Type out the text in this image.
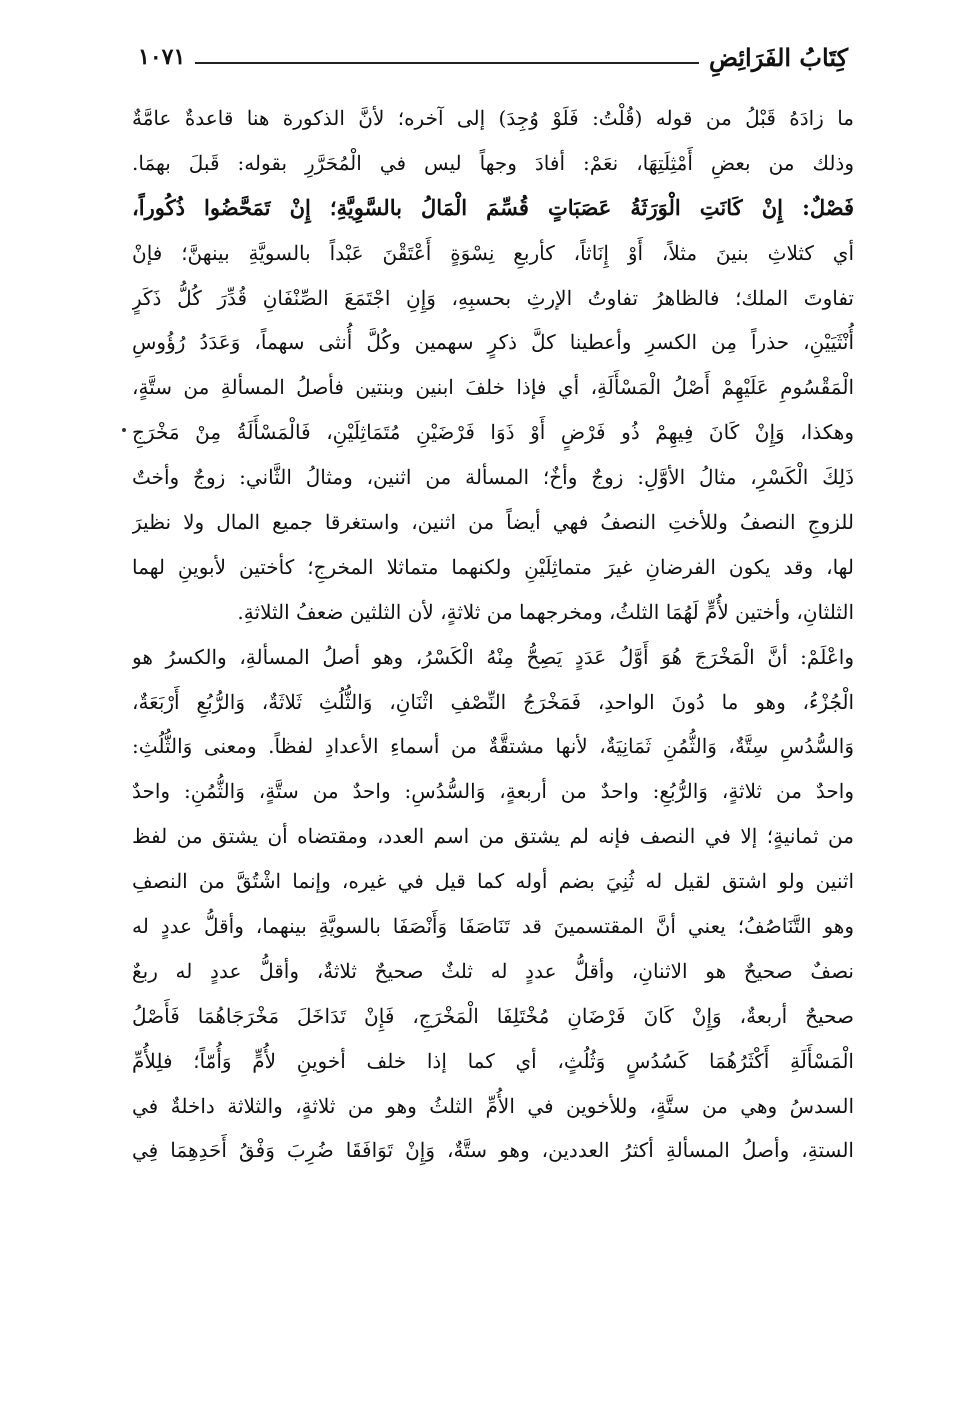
١٠٧١	كِتَابُ الفَرَائِضِ
ما زادَهُ قَبْلُ من قوله (قُلْتُ: فَلَوْ وُجِدَ) إلى آخره؛ لأنَّ الذكورة هنا قاعدةٌ عامَّةٌ
وذلك من بعضِ أَمْثِلَتِهَا، نعَمْ: أفادَ وجهاً ليس في الْمُحَرَّرِ بقوله: قَبلَ بهمَا.
فَصْلٌ: إِنْ كَانَتِ الْوَرَثَةُ عَصَبَاتٍ قُسِّمَ الْمَالُ بالسَّوِيَّةِ؛ إِنْ تَمَحَّضُوا ذُكُوراً،
أي كثلاثِ بنينَ مثلاً، أَوْ إِنَاثاً، كأربعِ نِسْوَةٍ أَعْتَقْنَ عَبْداً بالسويَّةِ بينهنَّ؛ فإنْ
تفاوتَ الملك؛ فالظاهرُ تفاوتُ الإرثِ بحسبِهِ، وَإِنِ اجْتَمَعَ الصِّنْفَانِ قُدِّرَ كُلُّ ذَكَرٍ
أُنْثَيَيْنِ، حذراً مِن الكسرِ وأعطينا كلَّ ذكرٍ سهمين وكُلَّ أُنثى سهماً، وَعَدَدُ رُؤُوسِ
الْمَقْسُومِ عَلَيْهِمْ أَصْلُ الْمَسْأَلَةِ، أي فإذا خلفَ ابنين وبنتين فأصلُ المسألةِ من ستَّةٍ،
وهكذا، وَإِنْ كَانَ فِيهِمْ ذُو فَرْضٍ أَوْ ذَوَا فَرْضَيْنِ مُتَمَاثِلَيْنِ، فَالْمَسْأَلَةُ مِنْ مَخْرَجِ
ذَلِكَ الْكَسْرِ، مثالُ الأوَّلِ: زوجٌ وأخٌ؛ المسألة من اثنين، ومثالُ الثَّاني: زوجٌ وأختٌ
للزوجِ النصفُ وللأختِ النصفُ فهي أيضاً من اثنين، واستغرقا جميع المال ولا نظيرَ
لها، وقد يكون الفرضانِ غيرَ متماثِلَيْنِ ولكنهما متماثلا المخرجِ؛ كأختين لأبوينِ لهما
الثلثانِ، وأختين لأُمٍّ لَهُمَا الثلثُ، ومخرجهما من ثلاثةٍ، لأن الثلثين ضعفُ الثلاثةِ.
واعْلَمْ: أنَّ الْمَخْرَجَ هُوَ أَوَّلُ عَدَدٍ يَصِحُّ مِنْهُ الْكَسْرُ، وهو أصلُ المسألةِ، والكسرُ هو
الْجُزْءُ، وهو ما دُونَ الواحدِ، فَمَخْرَجُ النِّصْفِ اثْنَانِ، وَالثُّلُثِ ثَلاثَةٌ، وَالرُّبُعِ أَرْبَعَةٌ،
وَالسُّدُسِ سِتَّةٌ، وَالثُّمُنِ ثَمَانِيَةٌ، لأنها مشتقَّةٌ من أسماءِ الأعدادِ لفظاً. ومعنى وَالثُّلُثِ:
واحدٌ من ثلاثةٍ، وَالرُّبُعِ: واحدٌ من أربعةٍ، وَالسُّدُسِ: واحدٌ من ستَّةٍ، وَالثُّمُنِ: واحدٌ
من ثمانيةٍ؛ إلا في النصف فإنه لم يشتق من اسم العدد، ومقتضاه أن يشتق من لفظ
اثنين ولو اشتق لقيل له ثُنِيَ بضم أوله كما قيل في غيره، وإنما اشْتُقَّ من النصفِ
وهو التَّنَاصُفُ؛ يعني أنَّ المقتسمينَ قد تَنَاصَفَا وَأَنْصَفَا بالسويَّةِ بينهما، وأقلُّ عددٍ له
نصفٌ صحيحٌ هو الاثنانِ، وأقلُّ عددٍ له ثلثٌ صحيحٌ ثلاثةٌ، وأقلُّ عددٍ له ربعٌ
صحيحٌ أربعةٌ، وَإِنْ كَانَ فَرْضَانِ مُخْتَلِفَا الْمَخْرَجِ، فَإِنْ تَدَاخَلَ مَخْرَجَاهُمَا فَأَصْلُ
الْمَسْأَلَةِ أَكْثَرُهُمَا كَسُدُسٍ وَثُلُثٍ، أي كما إذا خلف أخوينِ لأُمٍّ وَأُمّاً؛ فلِلأُمِّ
السدسُ وهي من ستَّةٍ، وللأخوين في الأُمِّ الثلثُ وهو من ثلاثةٍ، والثلاثة داخلةٌ في
الستةِ، وأصلُ المسألةِ أكثرُ العددين، وهو ستَّةٌ، وَإِنْ تَوَافَقَا ضُرِبَ وَفْقُ أَحَدِهِمَا فِي
